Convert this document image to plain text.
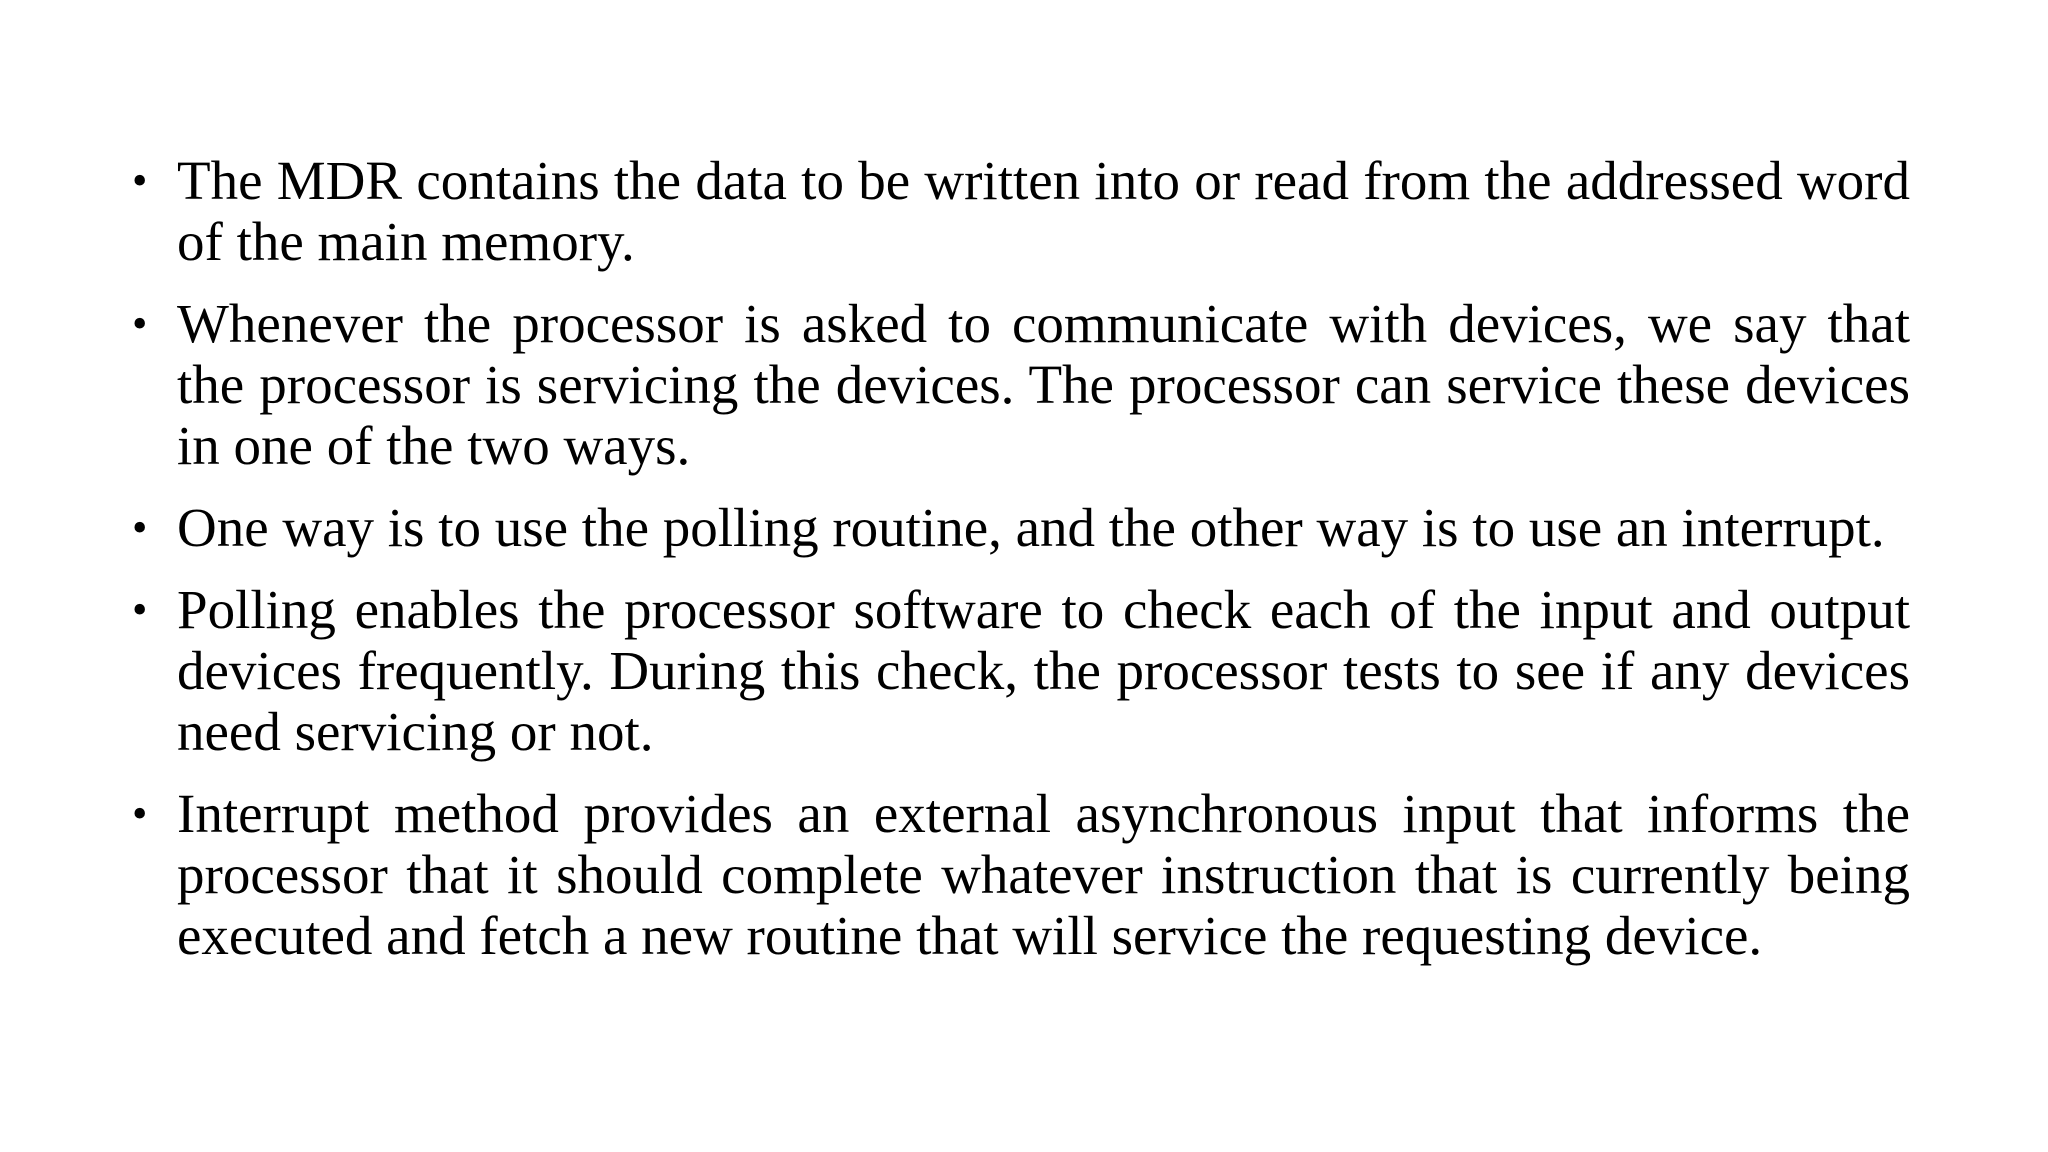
• The MDR contains the data to be written into or read from the addressed word of the main memory.
• Whenever the processor is asked to communicate with devices, we say that the processor is servicing the devices. The processor can service these devices in one of the two ways.
• One way is to use the polling routine, and the other way is to use an interrupt.
• Polling enables the processor software to check each of the input and output devices frequently. During this check, the processor tests to see if any devices need servicing or not.
• Interrupt method provides an external asynchronous input that informs the processor that it should complete whatever instruction that is currently being executed and fetch a new routine that will service the requesting device.
